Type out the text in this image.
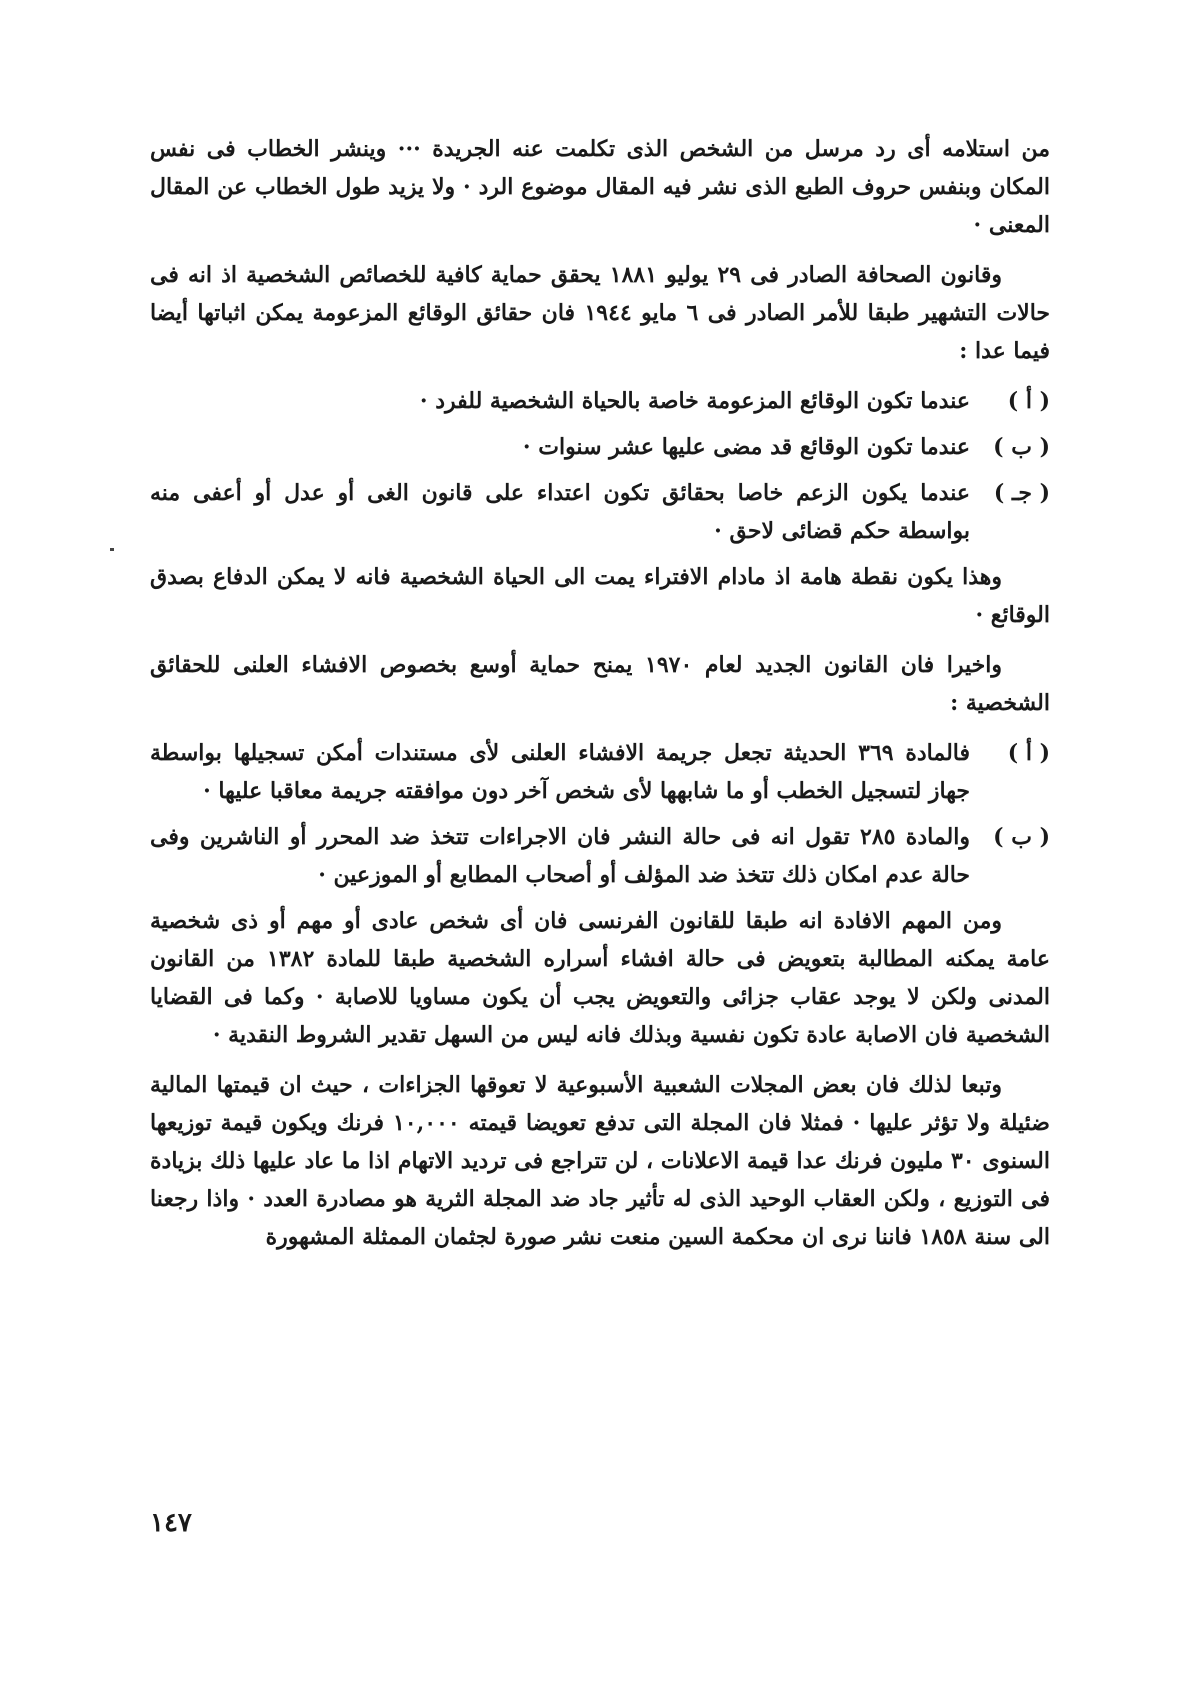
من استلامه أى رد مرسل من الشخص الذى تكلمت عنه الجريدة ··· وينشر الخطاب فى نفس المكان وبنفس حروف الطبع الذى نشر فيه المقال موضوع الرد · ولا يزيد طول الخطاب عن المقال المعنى ·

وقانون الصحافة الصادر فى ٢٩ يوليو ١٨٨١ يحقق حماية كافية للخصائص الشخصية اذ انه فى حالات التشهير طبقا للأمر الصادر فى ٦ مايو ١٩٤٤ فان حقائق الوقائع المزعومة يمكن اثباتها أيضا فيما عدا :

( أ )
عندما تكون الوقائع المزعومة خاصة بالحياة الشخصية للفرد ·
( ب )
عندما تكون الوقائع قد مضى عليها عشر سنوات ·
( جـ )
عندما يكون الزعم خاصا بحقائق تكون اعتداء على قانون الغى أو عدل أو أعفى منه بواسطة حكم قضائى لاحق ·

وهذا يكون نقطة هامة اذ مادام الافتراء يمت الى الحياة الشخصية فانه لا يمكن الدفاع بصدق الوقائع ·

واخيرا فان القانون الجديد لعام ١٩٧٠ يمنح حماية أوسع بخصوص الافشاء العلنى للحقائق الشخصية :

( أ )
فالمادة ٣٦٩ الحديثة تجعل جريمة الافشاء العلنى لأى مستندات أمكن تسجيلها بواسطة جهاز لتسجيل الخطب أو ما شابهها لأى شخص آخر دون موافقته جريمة معاقبا عليها ·
( ب )
والمادة ٢٨٥ تقول انه فى حالة النشر فان الاجراءات تتخذ ضد المحرر أو الناشرين وفى حالة عدم امكان ذلك تتخذ ضد المؤلف أو أصحاب المطابع أو الموزعين ·

ومن المهم الافادة انه طبقا للقانون الفرنسى فان أى شخص عادى أو مهم أو ذى شخصية عامة يمكنه المطالبة بتعويض فى حالة افشاء أسراره الشخصية طبقا للمادة ١٣٨٢ من القانون المدنى ولكن لا يوجد عقاب جزائى والتعويض يجب أن يكون مساويا للاصابة · وكما فى القضايا الشخصية فان الاصابة عادة تكون نفسية وبذلك فانه ليس من السهل تقدير الشروط النقدية ·

وتبعا لذلك فان بعض المجلات الشعبية الأسبوعية لا تعوقها الجزاءات ، حيث ان قيمتها المالية ضئيلة ولا تؤثر عليها · فمثلا فان المجلة التى تدفع تعويضا قيمته ١٠,٠٠٠ فرنك ويكون قيمة توزيعها السنوى ٣٠ مليون فرنك عدا قيمة الاعلانات ، لن تتراجع فى ترديد الاتهام اذا ما عاد عليها ذلك بزيادة فى التوزيع ، ولكن العقاب الوحيد الذى له تأثير جاد ضد المجلة الثرية هو مصادرة العدد · واذا رجعنا الى سنة ١٨٥٨ فاننا نرى ان محكمة السين منعت نشر صورة لجثمان الممثلة المشهورة

١٤٧
